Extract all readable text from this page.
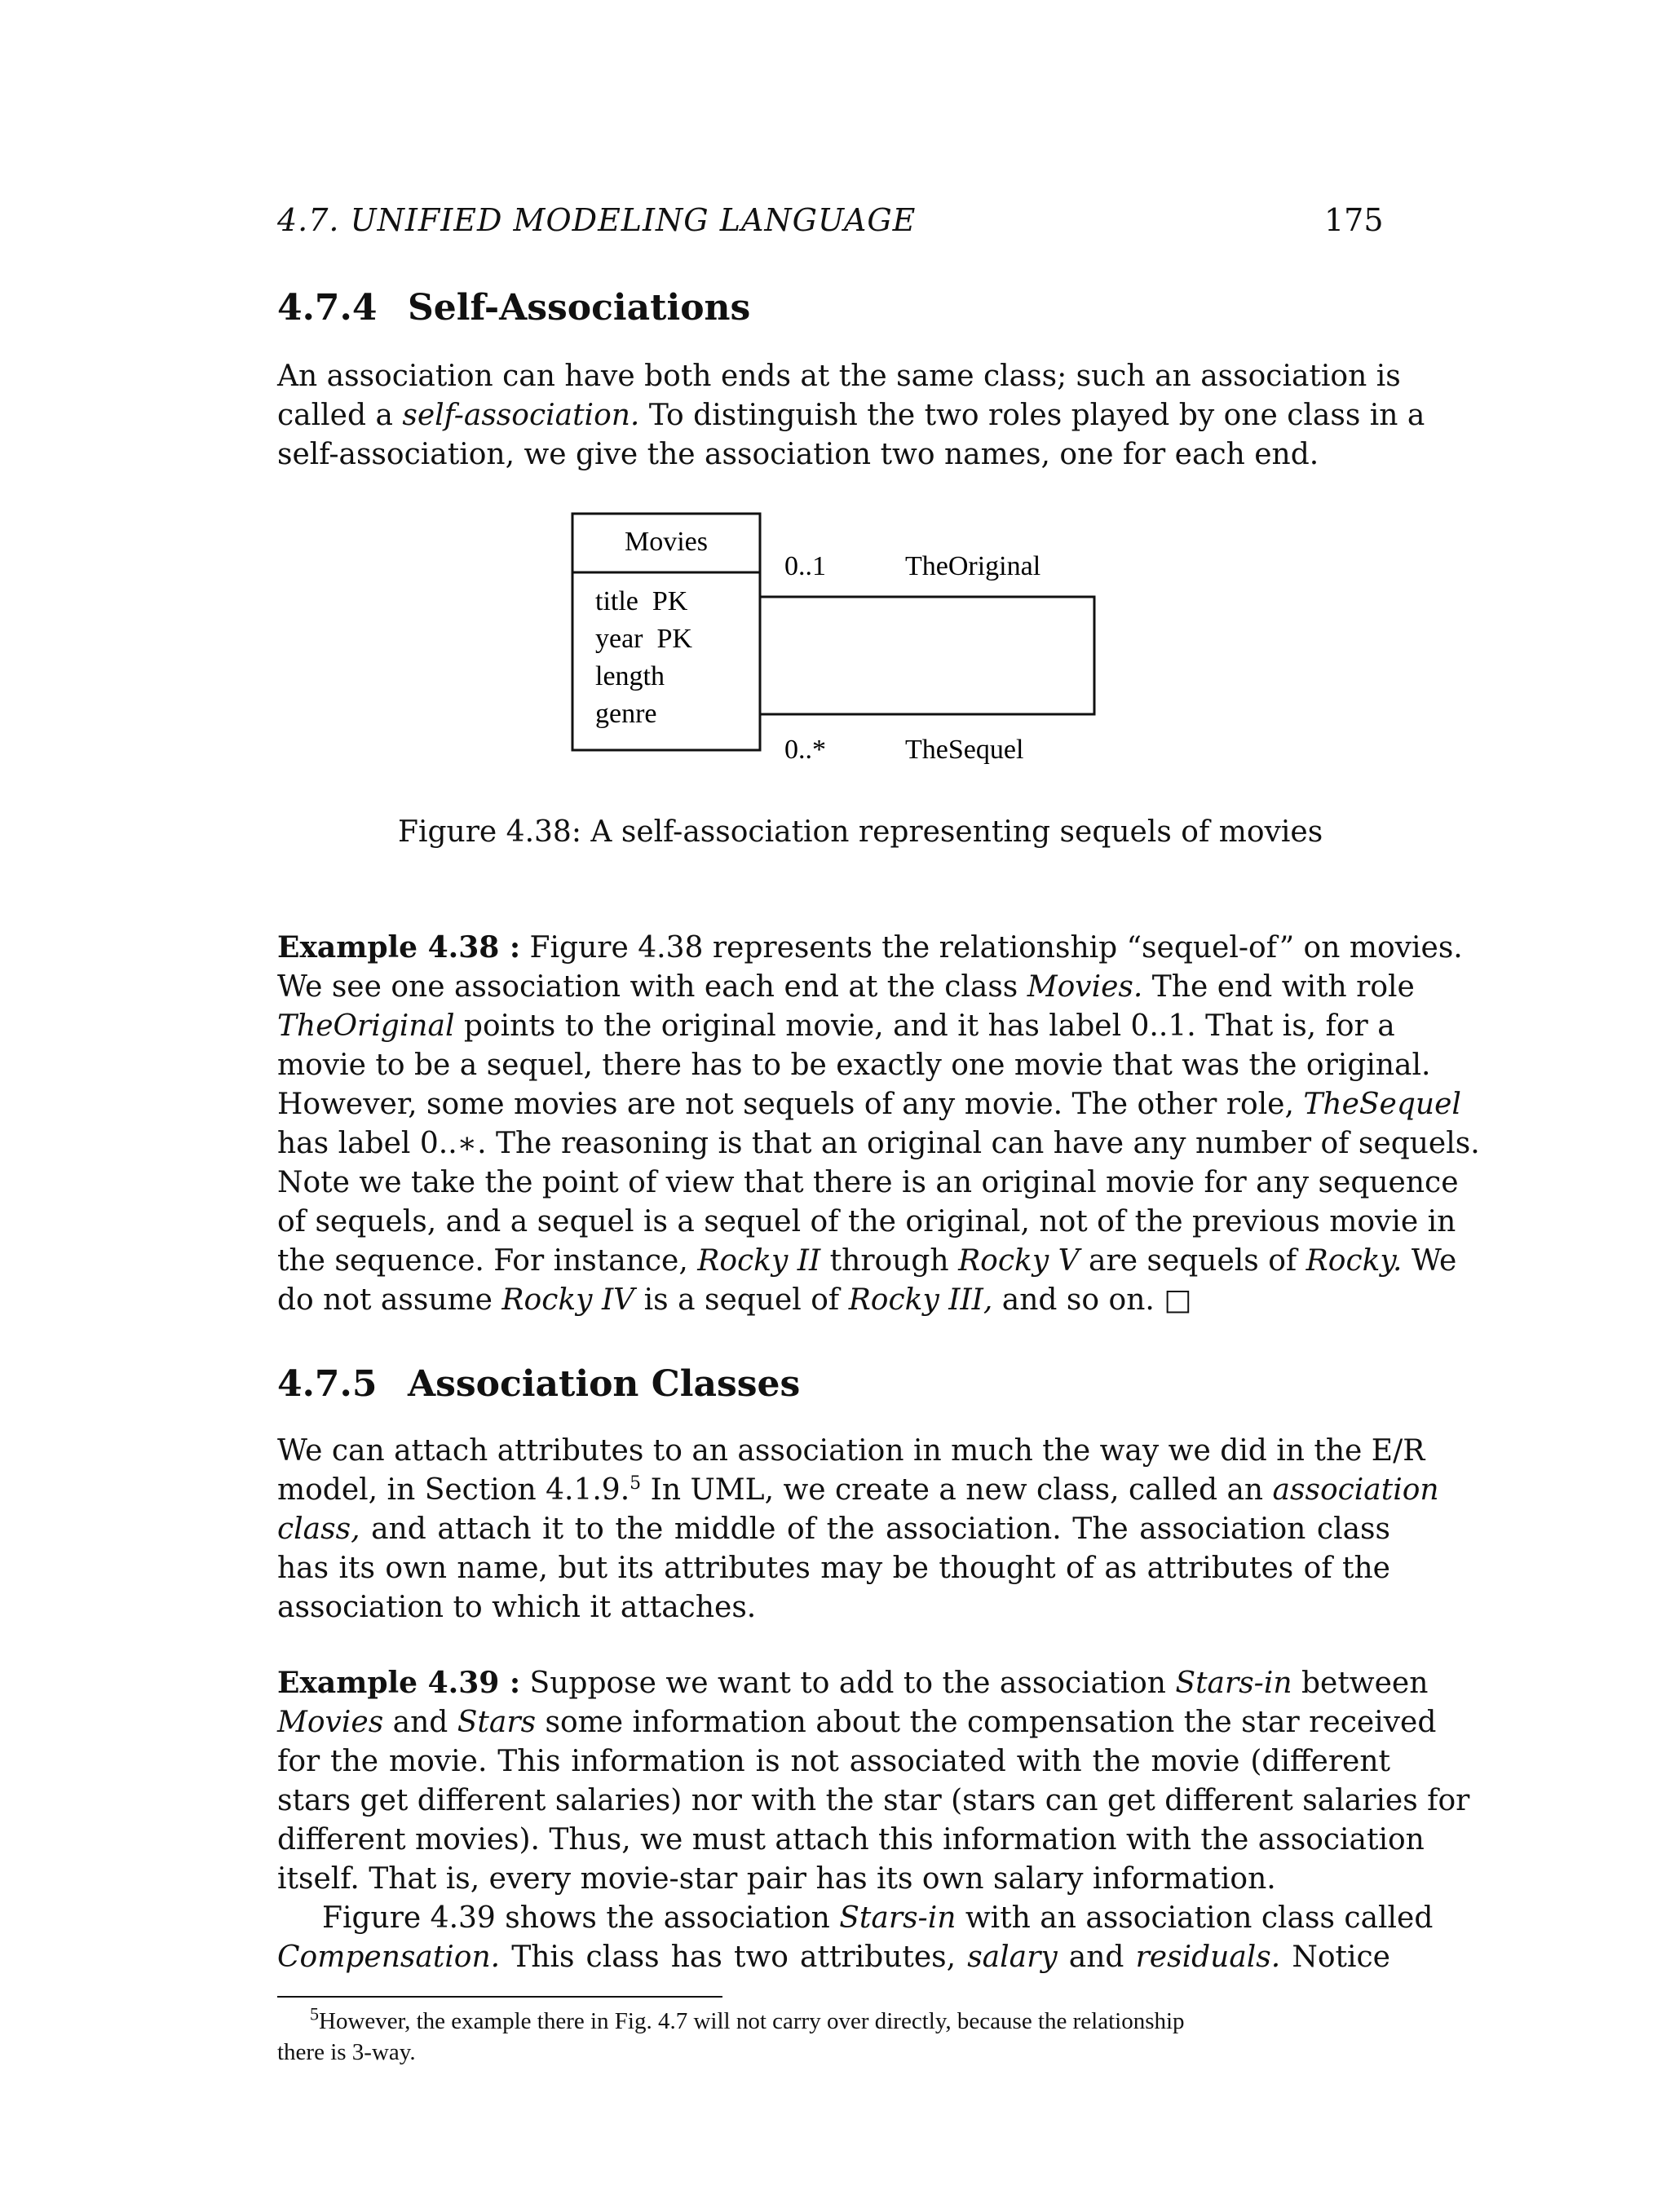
4.7. UNIFIED MODELING LANGUAGE	175
4.7.4 Self-Associations
An association can have both ends at the same class; such an association is
called a self-association. To distinguish the two roles played by one class in a
self-association, we give the association two names, one for each end.
Movies
title  PK
year  PK
length
genre
0..1	TheOriginal
0..*	TheSequel
Figure 4.38: A self-association representing sequels of movies
Example 4.38 : Figure 4.38 represents the relationship “sequel-of” on movies.
We see one association with each end at the class Movies. The end with role
TheOriginal points to the original movie, and it has label 0..1. That is, for a
movie to be a sequel, there has to be exactly one movie that was the original.
However, some movies are not sequels of any movie. The other role, TheSequel
has label 0..∗. The reasoning is that an original can have any number of sequels.
Note we take the point of view that there is an original movie for any sequence
of sequels, and a sequel is a sequel of the original, not of the previous movie in
the sequence. For instance, Rocky II through Rocky V are sequels of Rocky. We
do not assume Rocky IV is a sequel of Rocky III, and so on. □
4.7.5 Association Classes
We can attach attributes to an association in much the way we did in the E/R
model, in Section 4.1.9.$^5$ In UML, we create a new class, called an association
class, and attach it to the middle of the association. The association class
has its own name, but its attributes may be thought of as attributes of the
association to which it attaches.
Example 4.39 : Suppose we want to add to the association Stars-in between
Movies and Stars some information about the compensation the star received
for the movie. This information is not associated with the movie (different
stars get different salaries) nor with the star (stars can get different salaries for
different movies). Thus, we must attach this information with the association
itself. That is, every movie-star pair has its own salary information.
Figure 4.39 shows the association Stars-in with an association class called
Compensation. This class has two attributes, salary and residuals. Notice
$^5$However, the example there in Fig. 4.7 will not carry over directly, because the relationship
there is 3-way.
